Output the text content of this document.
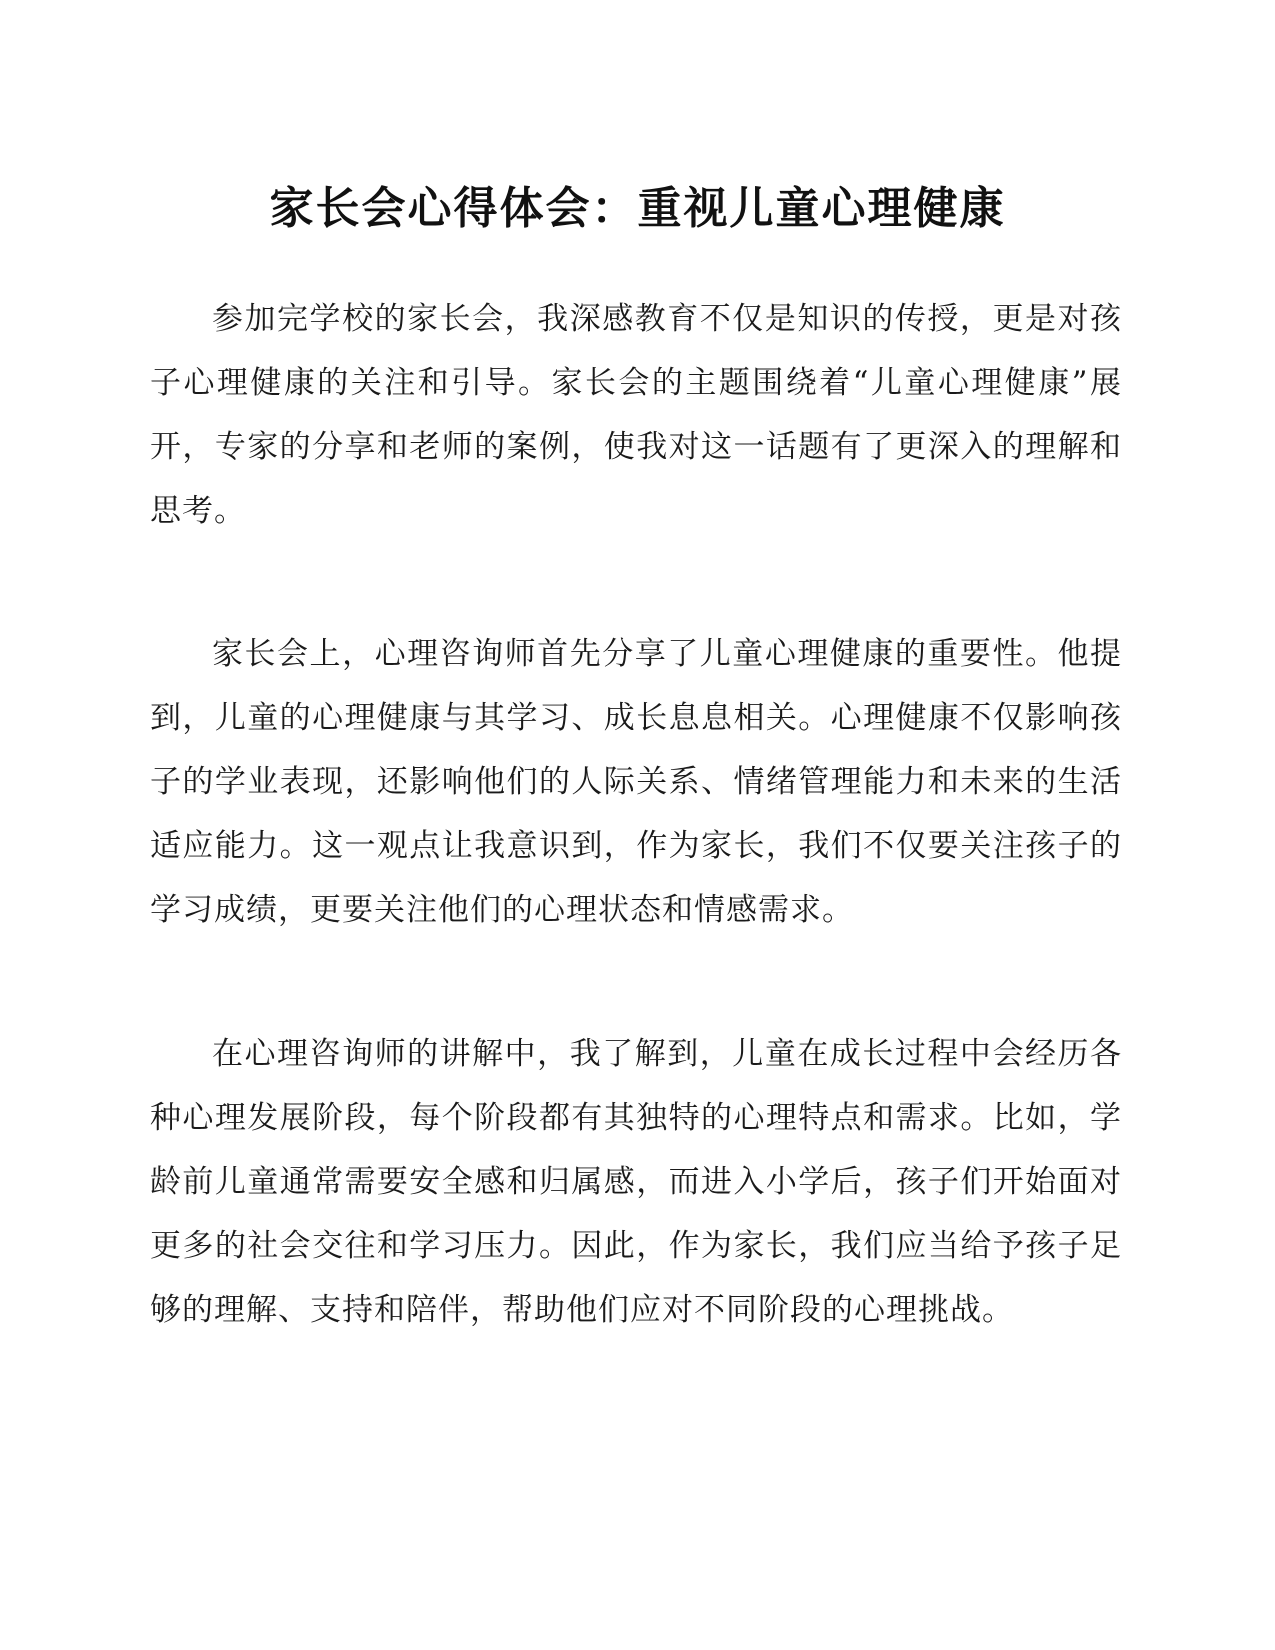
家长会心得体会：重视儿童心理健康

参加完学校的家长会，我深感教育不仅是知识的传授，更是对孩子心理健康的关注和引导。家长会的主题围绕着“儿童心理健康”展开，专家的分享和老师的案例，使我对这一话题有了更深入的理解和思考。

家长会上，心理咨询师首先分享了儿童心理健康的重要性。他提到，儿童的心理健康与其学习、成长息息相关。心理健康不仅影响孩子的学业表现，还影响他们的人际关系、情绪管理能力和未来的生活适应能力。这一观点让我意识到，作为家长，我们不仅要关注孩子的学习成绩，更要关注他们的心理状态和情感需求。

在心理咨询师的讲解中，我了解到，儿童在成长过程中会经历各种心理发展阶段，每个阶段都有其独特的心理特点和需求。比如，学龄前儿童通常需要安全感和归属感，而进入小学后，孩子们开始面对更多的社会交往和学习压力。因此，作为家长，我们应当给予孩子足够的理解、支持和陪伴，帮助他们应对不同阶段的心理挑战。
